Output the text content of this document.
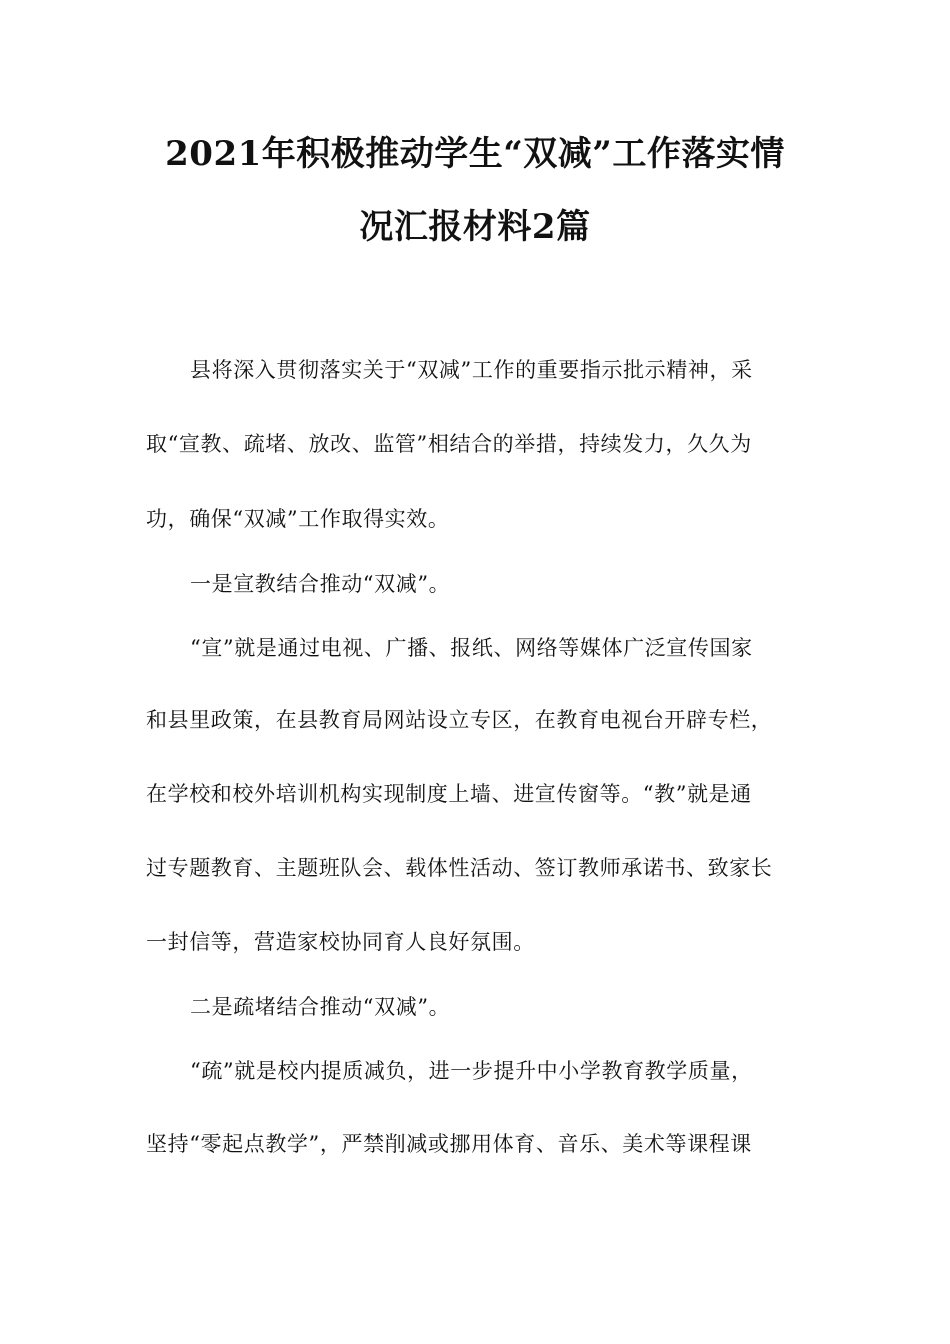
2021年积极推动学生“双减”工作落实情
况汇报材料2篇
县将深入贯彻落实关于“双减”工作的重要指示批示精神，采
取“宣教、疏堵、放改、监管”相结合的举措，持续发力，久久为
功，确保“双减”工作取得实效。
一是宣教结合推动“双减”。
“宣”就是通过电视、广播、报纸、网络等媒体广泛宣传国家
和县里政策，在县教育局网站设立专区，在教育电视台开辟专栏，
在学校和校外培训机构实现制度上墙、进宣传窗等。“教”就是通
过专题教育、主题班队会、载体性活动、签订教师承诺书、致家长
一封信等，营造家校协同育人良好氛围。
二是疏堵结合推动“双减”。
“疏”就是校内提质减负，进一步提升中小学教育教学质量，
坚持“零起点教学”，严禁削减或挪用体育、音乐、美术等课程课
